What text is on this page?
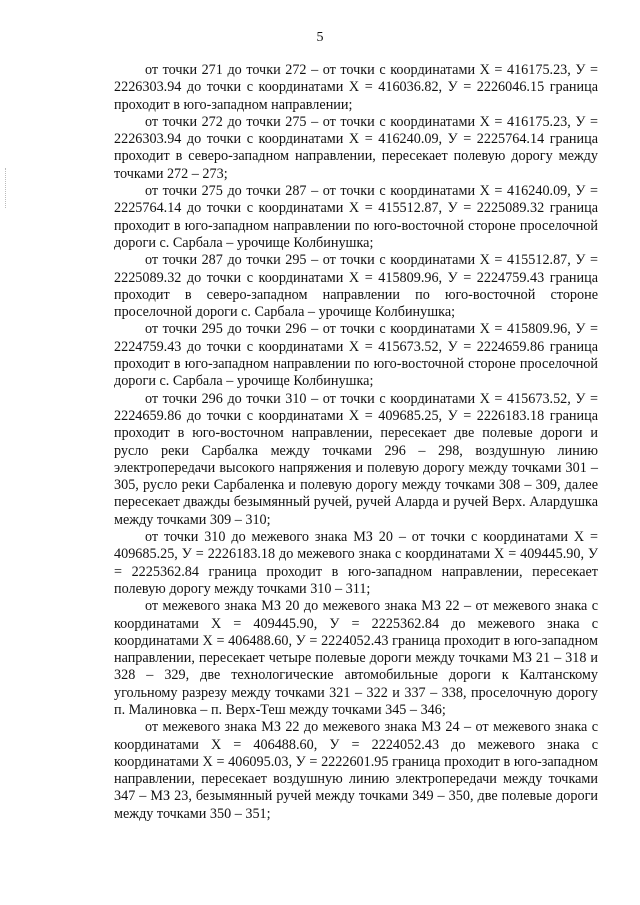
5

от точки 271 до точки 272 – от точки с координатами Х = 416175.23, У = 2226303.94 до точки с координатами Х = 416036.82, У = 2226046.15 граница проходит в юго-западном направлении;

от точки 272 до точки 275 – от точки с координатами Х = 416175.23, У = 2226303.94 до точки с координатами Х = 416240.09, У = 2225764.14 граница проходит в северо-западном направлении, пересекает полевую дорогу между точками 272 – 273;

от точки 275 до точки 287 – от точки с координатами Х = 416240.09, У = 2225764.14 до точки с координатами Х = 415512.87, У = 2225089.32 граница проходит в юго-западном направлении по юго-восточной стороне проселочной дороги с. Сарбала – урочище Колбинушка;

от точки 287 до точки 295 – от точки с координатами Х = 415512.87, У = 2225089.32 до точки с координатами Х = 415809.96, У = 2224759.43 граница проходит в северо-западном направлении по юго-восточной стороне проселочной дороги с. Сарбала – урочище Колбинушка;

от точки 295 до точки 296 – от точки с координатами Х = 415809.96, У = 2224759.43 до точки с координатами Х = 415673.52, У = 2224659.86 граница проходит в юго-западном направлении по юго-восточной стороне проселочной дороги с. Сарбала – урочище Колбинушка;

от точки 296 до точки 310 – от точки с координатами Х = 415673.52, У = 2224659.86 до точки с координатами Х = 409685.25, У = 2226183.18 граница проходит в юго-восточном направлении, пересекает две полевые дороги и русло реки Сарбалка между точками 296 – 298, воздушную линию электропередачи высокого напряжения и полевую дорогу между точками 301 – 305, русло реки Сарбаленка и полевую дорогу между точками 308 – 309, далее пересекает дважды безымянный ручей, ручей Аларда и ручей Верх. Алардушка между точками 309 – 310;

от точки 310 до межевого знака МЗ 20 – от точки с координатами Х = 409685.25, У = 2226183.18 до межевого знака с координатами Х = 409445.90, У = 2225362.84 граница проходит в юго-западном направлении, пересекает полевую дорогу между точками 310 – 311;

от межевого знака МЗ 20 до межевого знака МЗ 22 – от межевого знака с координатами Х = 409445.90, У = 2225362.84 до межевого знака с координатами Х = 406488.60, У = 2224052.43 граница проходит в юго-западном направлении, пересекает четыре полевые дороги между точками МЗ 21 – 318 и 328 – 329, две технологические автомобильные дороги к Калтанскому угольному разрезу между точками 321 – 322 и 337 – 338, проселочную дорогу п. Малиновка – п. Верх-Теш между точками 345 – 346;

от межевого знака МЗ 22 до межевого знака МЗ 24 – от межевого знака с координатами Х = 406488.60, У = 2224052.43 до межевого знака с координатами Х = 406095.03, У = 2222601.95 граница проходит в юго-западном направлении, пересекает воздушную линию электропередачи между точками 347 – МЗ 23, безымянный ручей между точками 349 – 350, две полевые дороги между точками 350 – 351;
